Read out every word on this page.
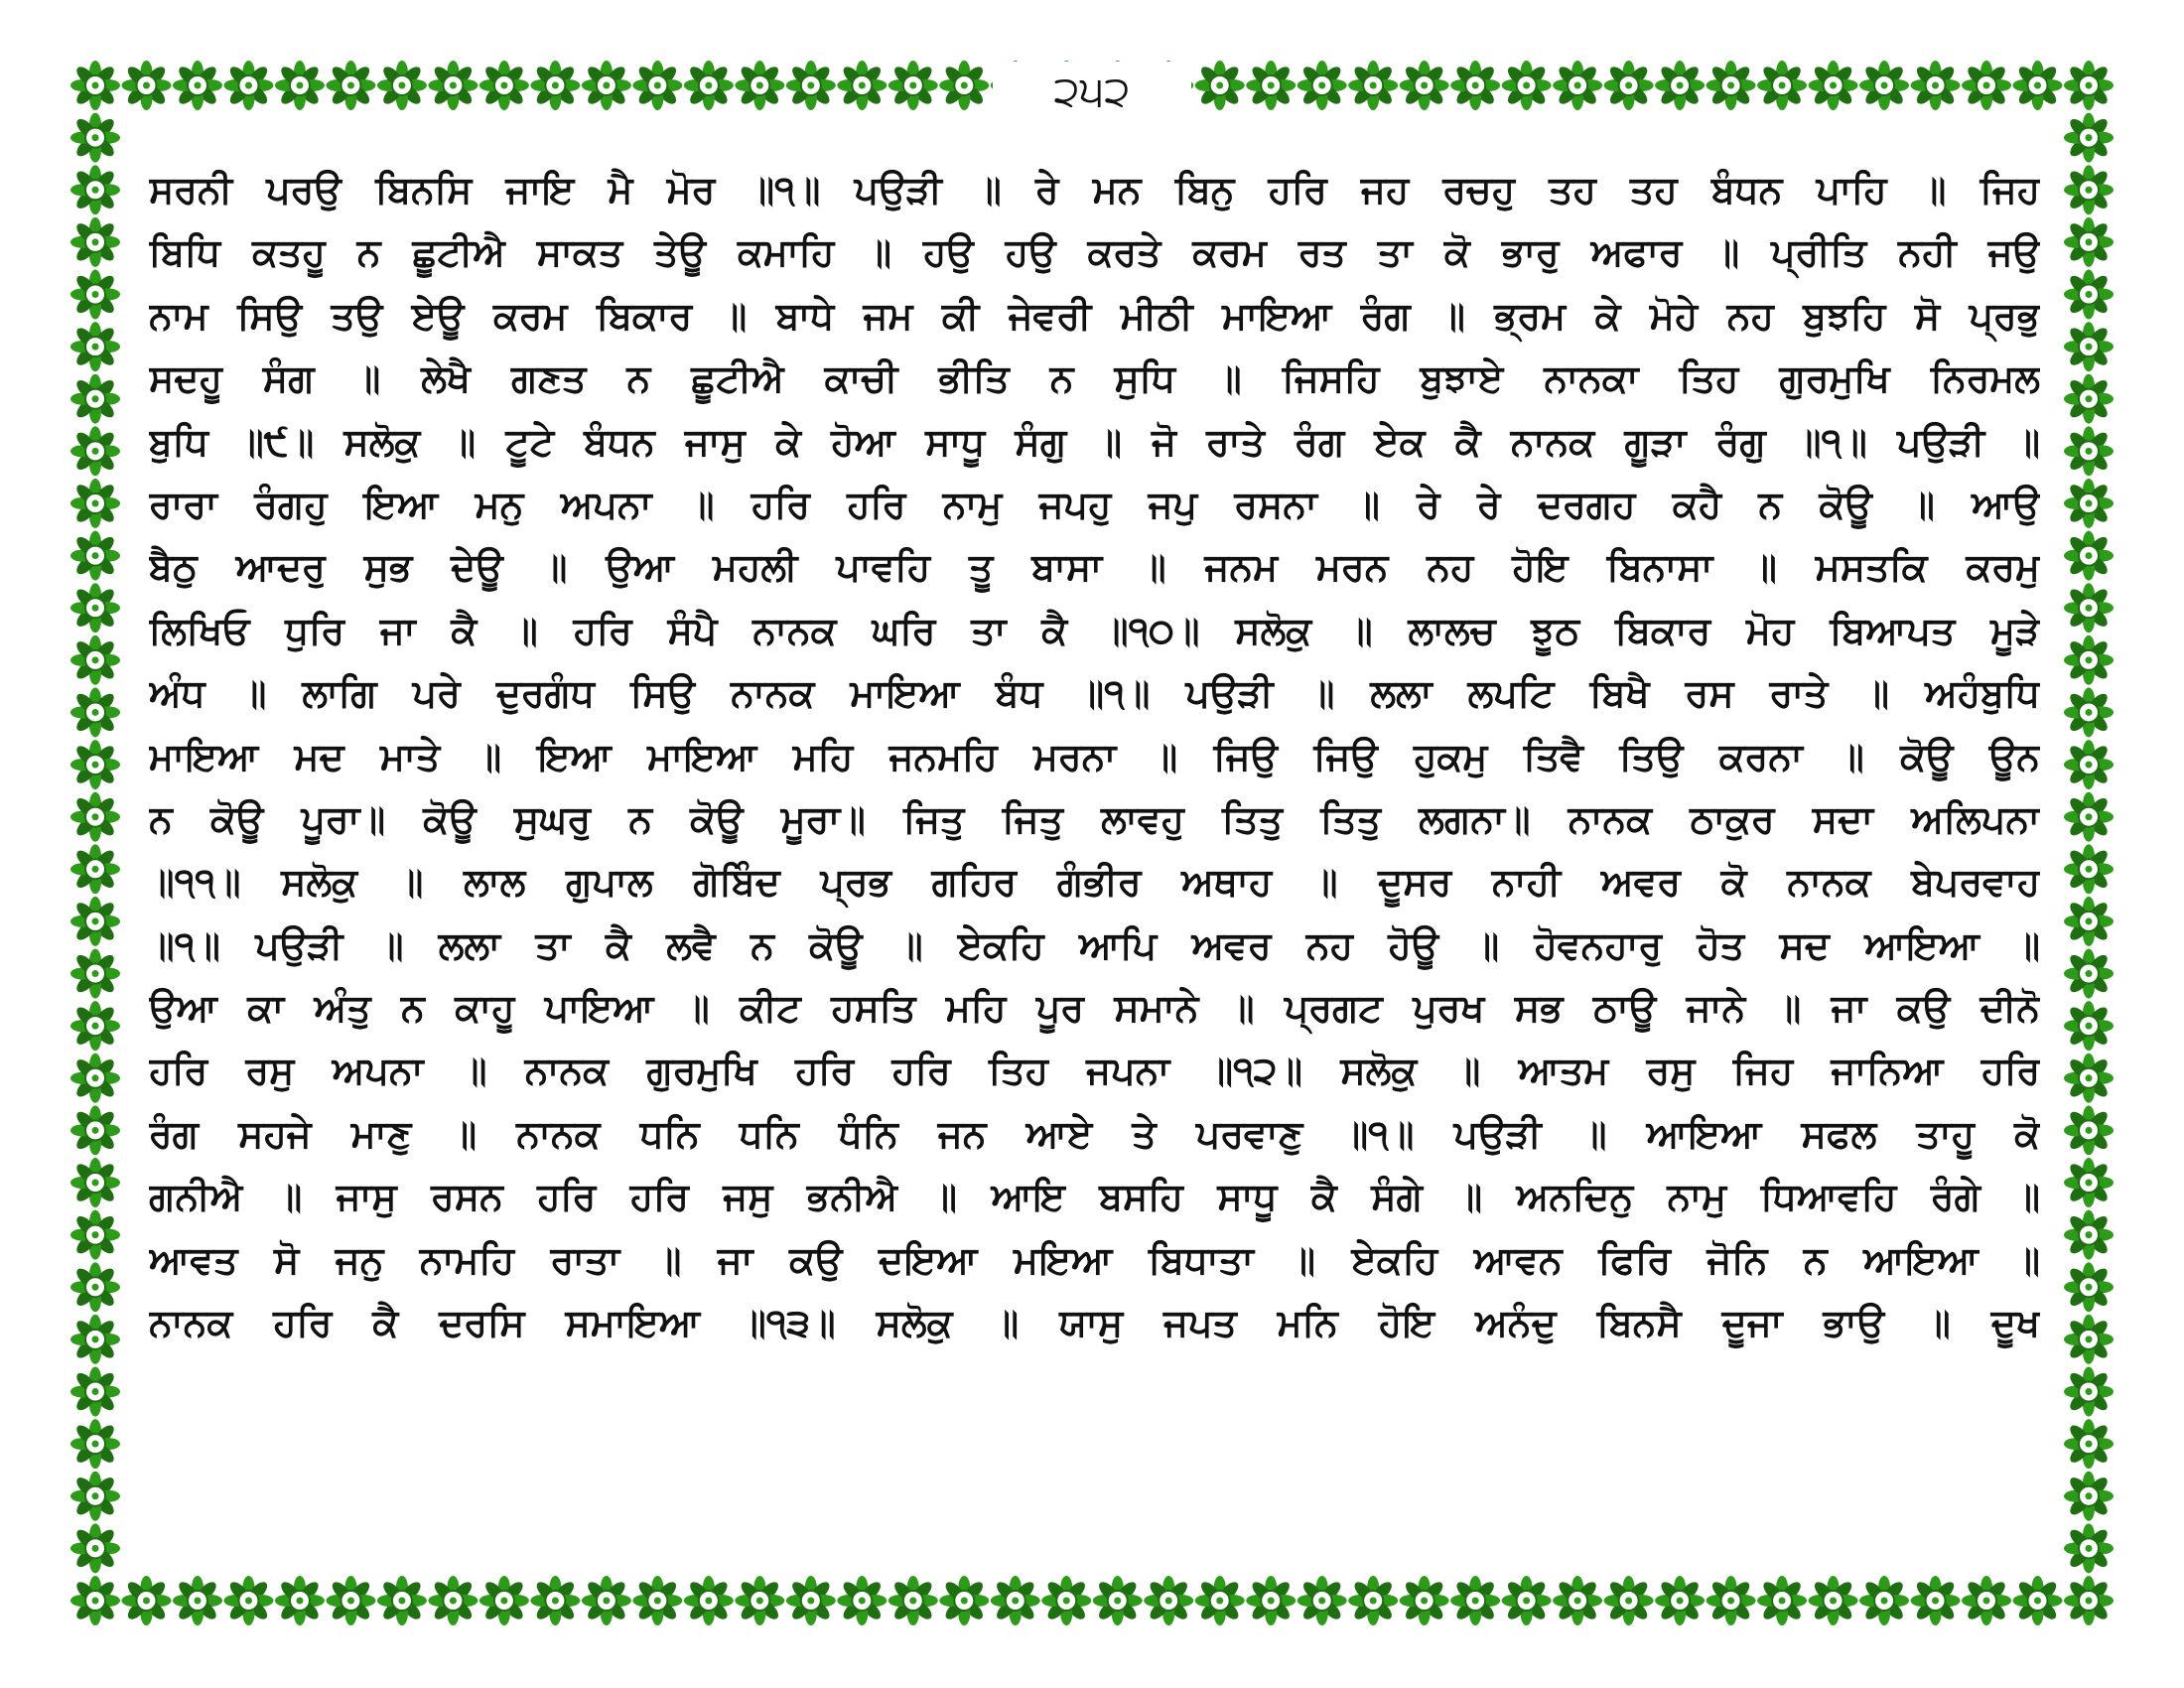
੨੫੨
ਸਰਨੀ ਪਰਉ ਬਿਨਸਿ ਜਾਇ ਮੈ ਮੋਰ ॥੧॥ ਪਉੜੀ ॥ ਰੇ ਮਨ ਬਿਨੁ ਹਰਿ ਜਹ ਰਚਹੁ ਤਹ ਤਹ ਬੰਧਨ ਪਾਹਿ ॥ ਜਿਹ
ਬਿਧਿ ਕਤਹੂ ਨ ਛੂਟੀਐ ਸਾਕਤ ਤੇਊ ਕਮਾਹਿ ॥ ਹਉ ਹਉ ਕਰਤੇ ਕਰਮ ਰਤ ਤਾ ਕੋ ਭਾਰੁ ਅਫਾਰ ॥ ਪ੍ਰੀਤਿ ਨਹੀ ਜਉ
ਨਾਮ ਸਿਉ ਤਉ ਏਊ ਕਰਮ ਬਿਕਾਰ ॥ ਬਾਧੇ ਜਮ ਕੀ ਜੇਵਰੀ ਮੀਠੀ ਮਾਇਆ ਰੰਗ ॥ ਭ੍ਰਮ ਕੇ ਮੋਹੇ ਨਹ ਬੁਝਹਿ ਸੋ ਪ੍ਰਭੁ
ਸਦਹੂ ਸੰਗ ॥ ਲੇਖੈ ਗਣਤ ਨ ਛੂਟੀਐ ਕਾਚੀ ਭੀਤਿ ਨ ਸੁਧਿ ॥ ਜਿਸਹਿ ਬੁਝਾਏ ਨਾਨਕਾ ਤਿਹ ਗੁਰਮੁਖਿ ਨਿਰਮਲ
ਬੁਧਿ ॥੯॥ ਸਲੋਕੁ ॥ ਟੂਟੇ ਬੰਧਨ ਜਾਸੁ ਕੇ ਹੋਆ ਸਾਧੂ ਸੰਗੁ ॥ ਜੋ ਰਾਤੇ ਰੰਗ ਏਕ ਕੈ ਨਾਨਕ ਗੂੜਾ ਰੰਗੁ ॥੧॥ ਪਉੜੀ ॥
ਰਾਰਾ ਰੰਗਹੁ ਇਆ ਮਨੁ ਅਪਨਾ ॥ ਹਰਿ ਹਰਿ ਨਾਮੁ ਜਪਹੁ ਜਪੁ ਰਸਨਾ ॥ ਰੇ ਰੇ ਦਰਗਹ ਕਹੈ ਨ ਕੋਊ ॥ ਆਉ
ਬੈਠੁ ਆਦਰੁ ਸੁਭ ਦੇਊ ॥ ਉਆ ਮਹਲੀ ਪਾਵਹਿ ਤੂ ਬਾਸਾ ॥ ਜਨਮ ਮਰਨ ਨਹ ਹੋਇ ਬਿਨਾਸਾ ॥ ਮਸਤਕਿ ਕਰਮੁ
ਲਿਖਿਓ ਧੁਰਿ ਜਾ ਕੈ ॥ ਹਰਿ ਸੰਪੈ ਨਾਨਕ ਘਰਿ ਤਾ ਕੈ ॥੧੦॥ ਸਲੋਕੁ ॥ ਲਾਲਚ ਝੂਠ ਬਿਕਾਰ ਮੋਹ ਬਿਆਪਤ ਮੂੜੇ
ਅੰਧ ॥ ਲਾਗਿ ਪਰੇ ਦੁਰਗੰਧ ਸਿਉ ਨਾਨਕ ਮਾਇਆ ਬੰਧ ॥੧॥ ਪਉੜੀ ॥ ਲਲਾ ਲਪਟਿ ਬਿਖੈ ਰਸ ਰਾਤੇ ॥ ਅਹੰਬੁਧਿ
ਮਾਇਆ ਮਦ ਮਾਤੇ ॥ ਇਆ ਮਾਇਆ ਮਹਿ ਜਨਮਹਿ ਮਰਨਾ ॥ ਜਿਉ ਜਿਉ ਹੁਕਮੁ ਤਿਵੈ ਤਿਉ ਕਰਨਾ ॥ ਕੋਊ ਊਨ
ਨ ਕੋਊ ਪੂਰਾ॥ ਕੋਊ ਸੁਘਰੁ ਨ ਕੋਊ ਮੂਰਾ॥ ਜਿਤੁ ਜਿਤੁ ਲਾਵਹੁ ਤਿਤੁ ਤਿਤੁ ਲਗਨਾ॥ ਨਾਨਕ ਠਾਕੁਰ ਸਦਾ ਅਲਿਪਨਾ
॥੧੧॥ ਸਲੋਕੁ ॥ ਲਾਲ ਗੁਪਾਲ ਗੋਬਿੰਦ ਪ੍ਰਭ ਗਹਿਰ ਗੰਭੀਰ ਅਥਾਹ ॥ ਦੂਸਰ ਨਾਹੀ ਅਵਰ ਕੋ ਨਾਨਕ ਬੇਪਰਵਾਹ
॥੧॥ ਪਉੜੀ ॥ ਲਲਾ ਤਾ ਕੈ ਲਵੈ ਨ ਕੋਊ ॥ ਏਕਹਿ ਆਪਿ ਅਵਰ ਨਹ ਹੋਊ ॥ ਹੋਵਨਹਾਰੁ ਹੋਤ ਸਦ ਆਇਆ ॥
ਉਆ ਕਾ ਅੰਤੁ ਨ ਕਾਹੂ ਪਾਇਆ ॥ ਕੀਟ ਹਸਤਿ ਮਹਿ ਪੂਰ ਸਮਾਨੇ ॥ ਪ੍ਰਗਟ ਪੁਰਖ ਸਭ ਠਾਊ ਜਾਨੇ ॥ ਜਾ ਕਉ ਦੀਨੋ
ਹਰਿ ਰਸੁ ਅਪਨਾ ॥ ਨਾਨਕ ਗੁਰਮੁਖਿ ਹਰਿ ਹਰਿ ਤਿਹ ਜਪਨਾ ॥੧੨॥ ਸਲੋਕੁ ॥ ਆਤਮ ਰਸੁ ਜਿਹ ਜਾਨਿਆ ਹਰਿ
ਰੰਗ ਸਹਜੇ ਮਾਣੁ ॥ ਨਾਨਕ ਧਨਿ ਧਨਿ ਧੰਨਿ ਜਨ ਆਏ ਤੇ ਪਰਵਾਣੁ ॥੧॥ ਪਉੜੀ ॥ ਆਇਆ ਸਫਲ ਤਾਹੂ ਕੋ
ਗਨੀਐ ॥ ਜਾਸੁ ਰਸਨ ਹਰਿ ਹਰਿ ਜਸੁ ਭਨੀਐ ॥ ਆਇ ਬਸਹਿ ਸਾਧੂ ਕੈ ਸੰਗੇ ॥ ਅਨਦਿਨੁ ਨਾਮੁ ਧਿਆਵਹਿ ਰੰਗੇ ॥
ਆਵਤ ਸੋ ਜਨੁ ਨਾਮਹਿ ਰਾਤਾ ॥ ਜਾ ਕਉ ਦਇਆ ਮਇਆ ਬਿਧਾਤਾ ॥ ਏਕਹਿ ਆਵਨ ਫਿਰਿ ਜੋਨਿ ਨ ਆਇਆ ॥
ਨਾਨਕ ਹਰਿ ਕੈ ਦਰਸਿ ਸਮਾਇਆ ॥੧੩॥ ਸਲੋਕੁ ॥ ਯਾਸੁ ਜਪਤ ਮਨਿ ਹੋਇ ਅਨੰਦੁ ਬਿਨਸੈ ਦੂਜਾ ਭਾਉ ॥ ਦੂਖ
